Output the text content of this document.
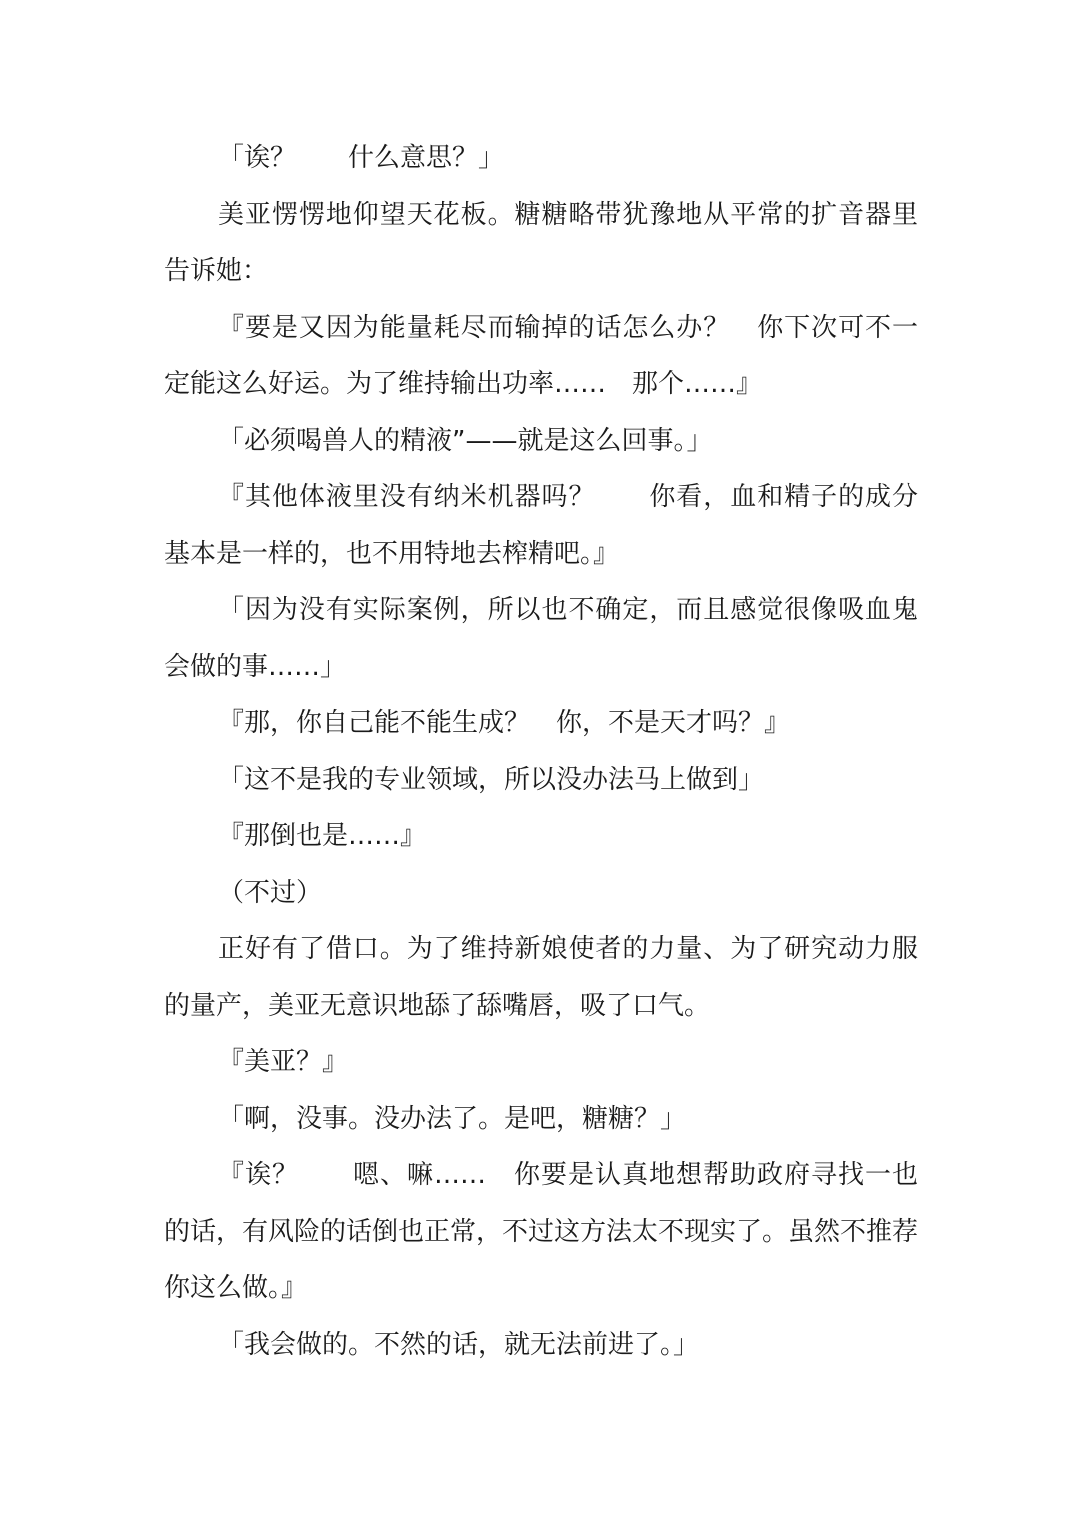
「诶？　　什么意思？」

美亚愣愣地仰望天花板。糖糖略带犹豫地从平常的扩音器里告诉她：

『要是又因为能量耗尽而输掉的话怎么办？　你下次可不一定能这么好运。为了维持输出功率……　那个……』

「必须喝兽人的精液”——就是这么回事。」

『其他体液里没有纳米机器吗？　　你看，血和精子的成分基本是一样的，也不用特地去榨精吧。』

「因为没有实际案例，所以也不确定，而且感觉很像吸血鬼会做的事……」

『那，你自己能不能生成？　你，不是天才吗？』

「这不是我的专业领域，所以没办法马上做到」

『那倒也是……』

（不过）

正好有了借口。为了维持新娘使者的力量、为了研究动力服的量产，美亚无意识地舔了舔嘴唇，吸了口气。

『美亚？』

「啊，没事。没办法了。是吧，糖糖？」

『诶？　　嗯、嘛……　你要是认真地想帮助政府寻找一也的话，有风险的话倒也正常，不过这方法太不现实了。虽然不推荐你这么做。』

「我会做的。不然的话，就无法前进了。」
